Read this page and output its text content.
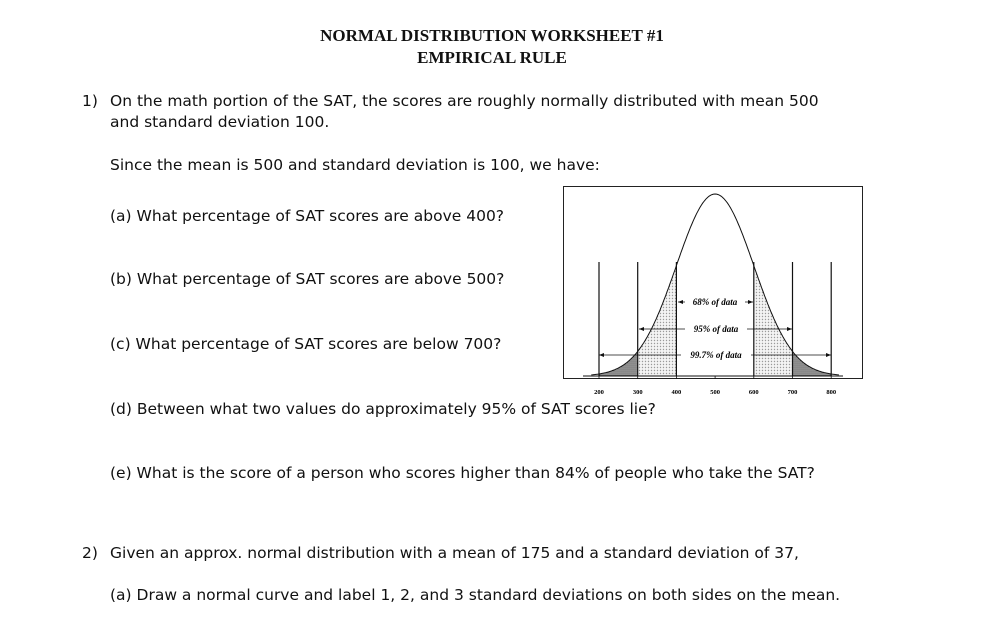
NORMAL DISTRIBUTION WORKSHEET #1
EMPIRICAL RULE
1) On the math portion of the SAT, the scores are roughly normally distributed with mean 500
and standard deviation 100.
Since the mean is 500 and standard deviation is 100, we have:
(a) What percentage of SAT scores are above 400?
(b) What percentage of SAT scores are above 500?
(c) What percentage of SAT scores are below 700?
(d) Between what two values do approximately 95% of SAT scores lie?
(e) What is the score of a person who scores higher than 84% of people who take the SAT?
2) Given an approx. normal distribution with a mean of 175 and a standard deviation of 37,
(a) Draw a normal curve and label 1, 2, and 3 standard deviations on both sides on the mean.
68% of data
95% of data
99.7% of data
200	300	400	500	600	700	800
